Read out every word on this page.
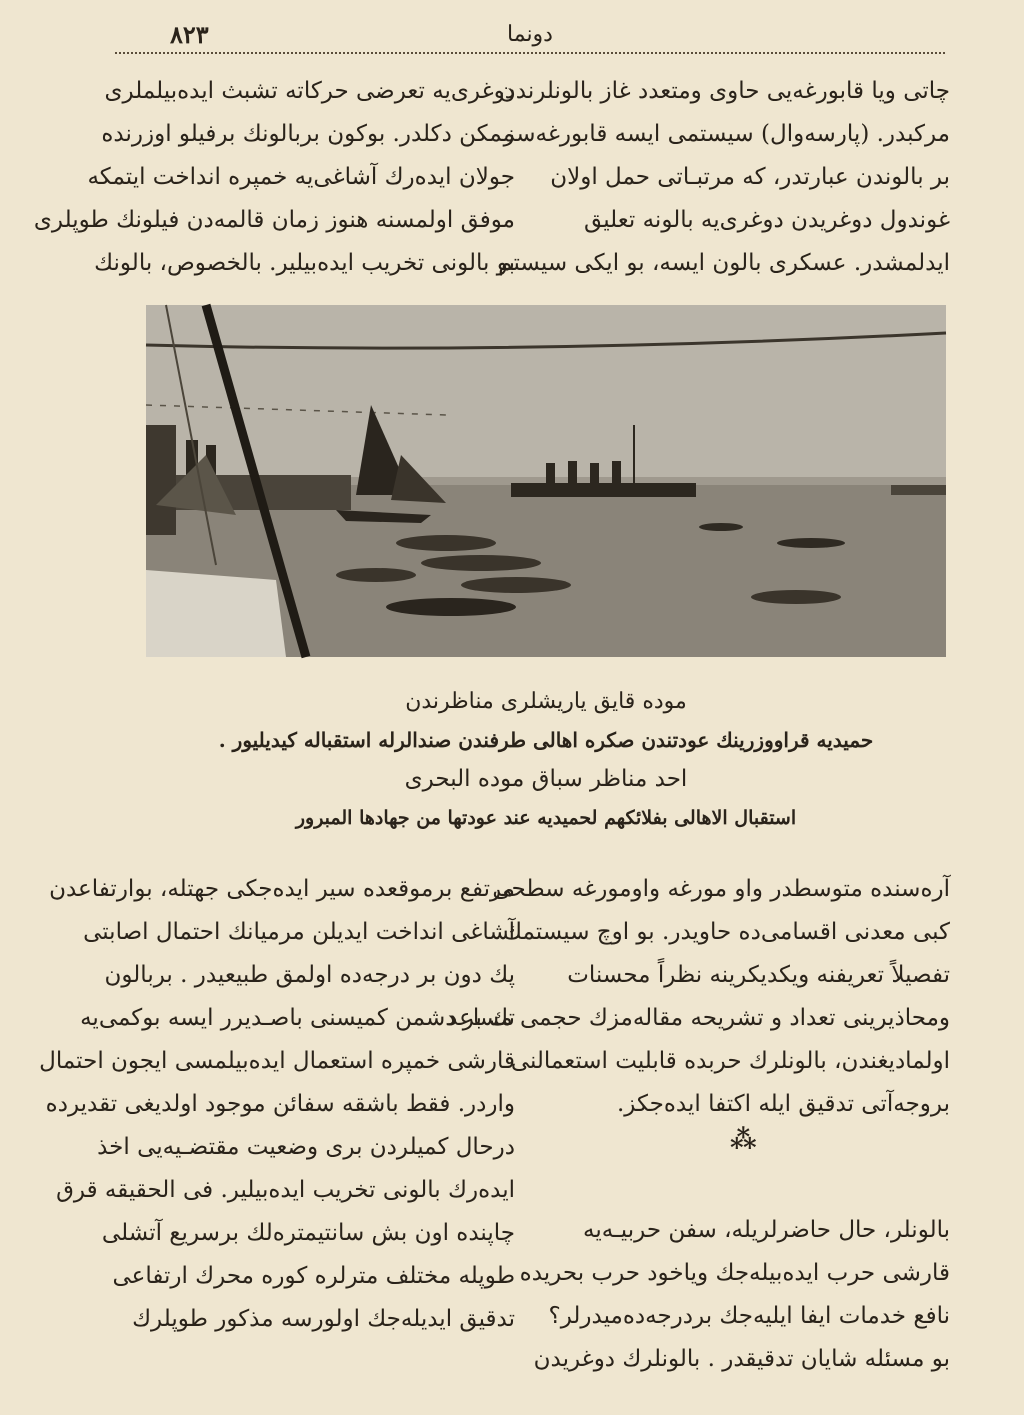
٨٢٣	دونما

چاتی ویا قابورغه‌یی حاوی ومتعدد غاز بالونلرندن

مرکبدر. (پارسه‌وال) سیستمی ایسه قابورغه‌سز

بر بالوندن عبارتدر، که مرتبـاتی حمل اولان

غوندول دوغریدن دوغری‌یه بالونه تعلیق

ایدلمشدر. عسکری بالون ایسه، بو ایکی سیستم

دوغری‌یه تعرضی حرکاته تشبث ایده‌بیلملری

ممکن دکلدر. بوکون بربالونك برفیلو اوزرنده

جولان ایده‌رك آشاغی‌یه خمپره انداخت ایتمکه

موفق اولمسنه هنوز زمان قالمه‌دن فیلونك طوپلری

بو بالونی تخریب ایده‌بیلیر. بالخصوص، بالونك

موده قایق یاریشلری مناظرندن
حمیدیه قراووزرینك عودتندن صکره اهالی طرفندن صندالرله استقباله کیدیلیور .
احد مناظر سباق موده البحری
استقبال الاهالی بفلائکهم لحمیدیه عند عودتها من جهادها المبرور

آره‌سنده متوسطدر واو مورغه واومورغه سطحی

کبی معدنی اقسامی‌ده حاویدر. بو اوچ سیستمك

تفصیلاً تعریفنه ویکدیکرینه نظراً محسنات

ومحاذیرینی تعداد و تشریحه مقاله‌مزك حجمی مساعد

اولمادیغندن، بالونلرك حربده قابلیت استعمالنی

بروجه‌آتی تدقیق ایله اکتفا ایده‌جکز.

بالونلر، حال حاضرلریله، سفن حربیـه‌یه

قارشی حرب ایده‌بیله‌جك ویاخود حرب بحریده

نافع خدمات ایفا ایلیه‌جك بردرجه‌ده‌میدرلر؟

بو مسئله شایان تدقیقدر . بالونلرك دوغریدن

⁂

مرتفع برموقعده سیر ایده‌جکی جهتله، بوارتفاعدن

آشاغی انداخت ایدیلن مرمیانك احتمال اصابتی

پك دون بر درجه‌ده اولمق طبیعیدر . بربالون

تك بر دشمن کمیسنی باصـدیرر ایسه بوکمی‌یه

قارشی خمپره استعمال ایده‌بیلمسی ایجون احتمال

واردر. فقط باشقه سفائن موجود اولدیغی تقدیرده

درحال کمیلردن بری وضعیت مقتضـیه‌یی اخذ

ایده‌رك بالونی تخریب ایده‌بیلیر. فی الحقیقه قرق

چاپنده اون بش سانتیمترەلك برسریع آتشلی

طوپله مختلف مترلره کوره محرك ارتفاعی

تدقیق ایدیله‌جك اولورسه مذکور طوپلرك
